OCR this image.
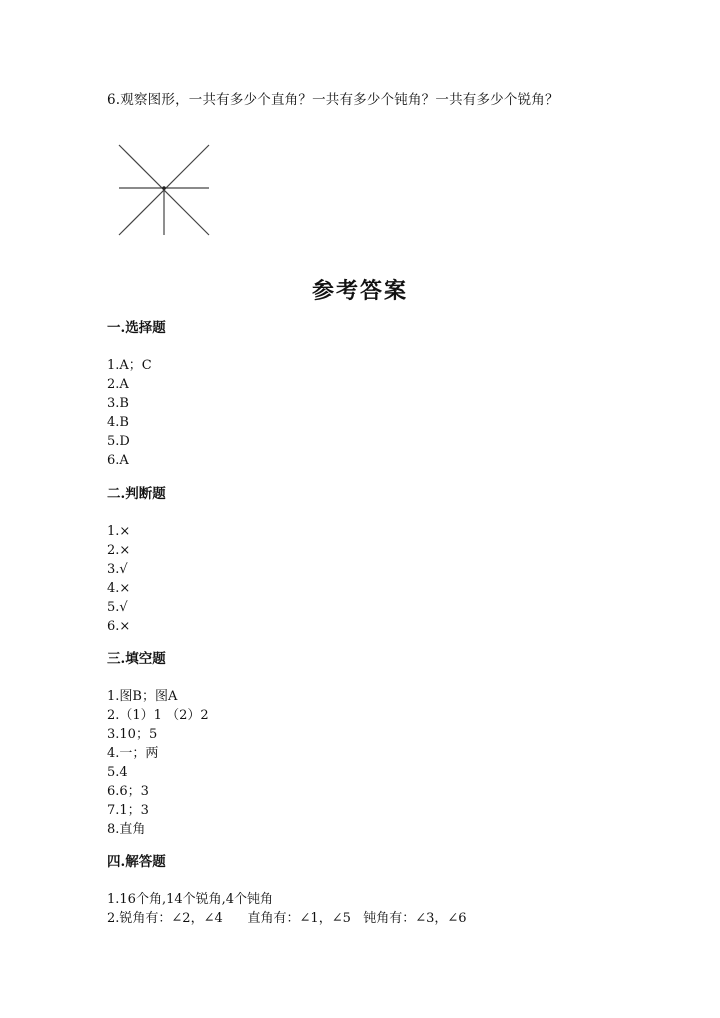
6.观察图形，一共有多少个直角？一共有多少个钝角？一共有多少个锐角？
参考答案
一.选择题
1.A；C
2.A
3.B
4.B
5.D
6.A
二.判断题
1.×
2.×
3.√
4.×
5.√
6.×
三.填空题
1.图B；图A
2.（1）1 （2）2
3.10；5
4.一；两
5.4
6.6；3
7.1；3
8.直角
四.解答题
1.16个角,14个锐角,4个钝角
2.锐角有：∠2，∠4      直角有：∠1，∠5   钝角有：∠3，∠6
